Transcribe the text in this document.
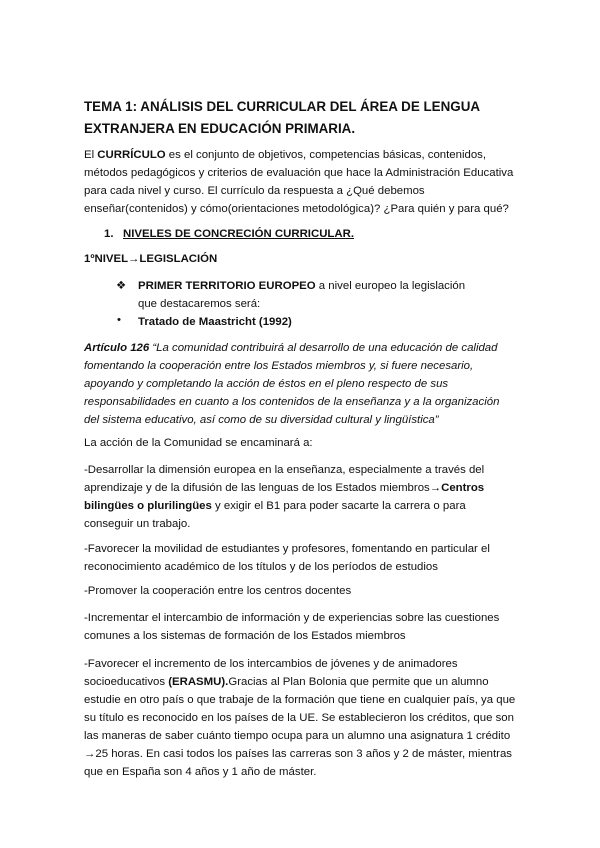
TEMA 1: ANÁLISIS DEL CURRICULAR DEL ÁREA DE LENGUA EXTRANJERA EN EDUCACIÓN PRIMARIA.
El CURRÍCULO es el conjunto de objetivos, competencias básicas, contenidos, métodos pedagógicos y criterios de evaluación que hace la Administración Educativa para cada nivel y curso. El currículo da respuesta a ¿Qué debemos enseñar(contenidos) y cómo(orientaciones metodológica)? ¿Para quién y para qué?
1. NIVELES DE CONCRECIÓN CURRICULAR.
1ºNIVEL→LEGISLACIÓN
❖ PRIMER TERRITORIO EUROPEO a nivel europeo la legislación que destacaremos será:
• Tratado de Maastricht (1992)
Artículo 126 “La comunidad contribuirá al desarrollo de una educación de calidad fomentando la cooperación entre los Estados miembros y, si fuere necesario, apoyando y completando la acción de éstos en el pleno respecto de sus responsabilidades en cuanto a los contenidos de la enseñanza y a la organización del sistema educativo, así como de su diversidad cultural y lingüística”
La acción de la Comunidad se encaminará a:
-Desarrollar la dimensión europea en la enseñanza, especialmente a través del aprendizaje y de la difusión de las lenguas de los Estados miembros→Centros bilingües o plurilingües y exigir el B1 para poder sacarte la carrera o para conseguir un trabajo.
-Favorecer la movilidad de estudiantes y profesores, fomentando en particular el reconocimiento académico de los títulos y de los períodos de estudios
-Promover la cooperación entre los centros docentes
-Incrementar el intercambio de información y de experiencias sobre las cuestiones comunes a los sistemas de formación de los Estados miembros
-Favorecer el incremento de los intercambios de jóvenes y de animadores socioeducativos (ERASMU).Gracias al Plan Bolonia que permite que un alumno estudie en otro país o que trabaje de la formación que tiene en cualquier país, ya que su título es reconocido en los países de la UE. Se establecieron los créditos, que son las maneras de saber cuánto tiempo ocupa para un alumno una asignatura 1 crédito →25 horas. En casi todos los países las carreras son 3 años y 2 de máster, mientras que en España son 4 años y 1 año de máster.
